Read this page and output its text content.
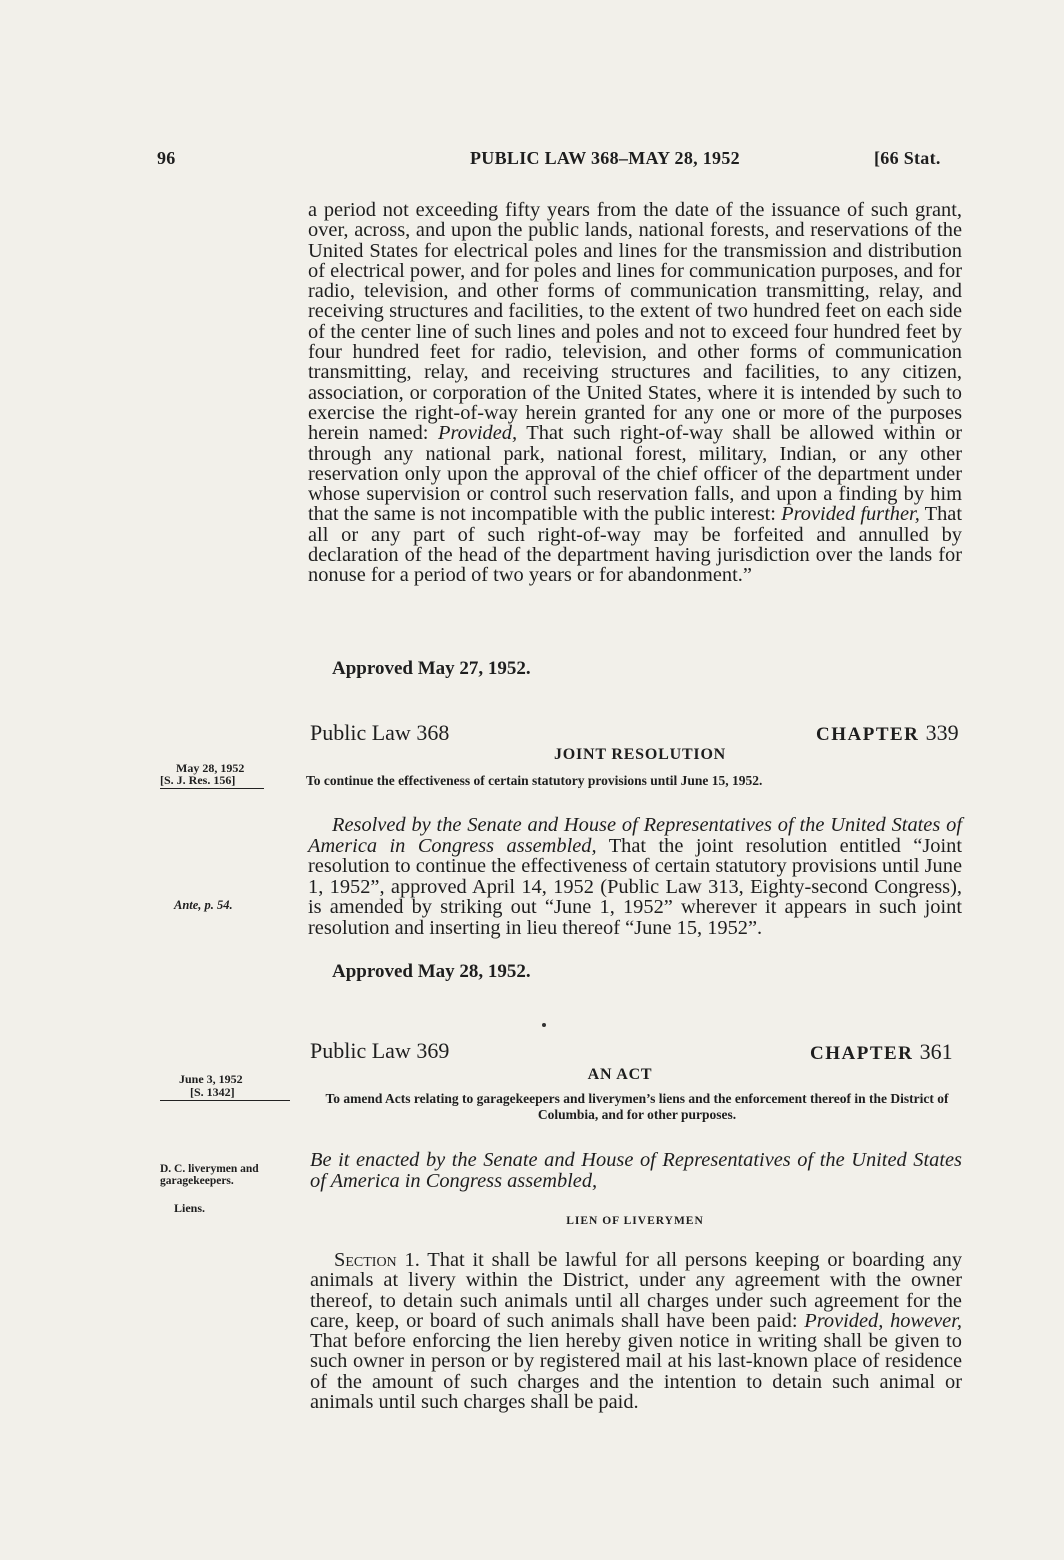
96	PUBLIC LAW 368–MAY 28, 1952	[66 Stat.

a period not exceeding fifty years from the date of the issuance of such grant, over, across, and upon the public lands, national forests, and reservations of the United States for electrical poles and lines for the transmission and distribution of electrical power, and for poles and lines for communication purposes, and for radio, television, and other forms of communication transmitting, relay, and receiving structures and facilities, to the extent of two hundred feet on each side of the center line of such lines and poles and not to exceed four hundred feet by four hundred feet for radio, television, and other forms of communication transmitting, relay, and receiving structures and facilities, to any citizen, association, or corporation of the United States, where it is intended by such to exercise the right-of-way herein granted for any one or more of the purposes herein named: Provided, That such right-of-way shall be allowed within or through any national park, national forest, military, Indian, or any other reservation only upon the approval of the chief officer of the department under whose supervision or control such reservation falls, and upon a finding by him that the same is not incompatible with the public interest: Provided further, That all or any part of such right-of-way may be forfeited and annulled by declaration of the head of the department having jurisdiction over the lands for nonuse for a period of two years or for abandonment.”

Approved May 27, 1952.
Public Law 368	CHAPTER 339
JOINT RESOLUTION
May 28, 1952
[S. J. Res. 156]	To continue the effectiveness of certain statutory provisions until June 15, 1952.
Resolved by the Senate and House of Representatives of the United States of America in Congress assembled, That the joint resolution entitled “Joint resolution to continue the effectiveness of certain statutory provisions until June 1, 1952”, approved April 14, 1952 (Public Law 313, Eighty-second Congress), is amended by striking out “June 1, 1952” wherever it appears in such joint resolution and inserting in lieu thereof “June 15, 1952”.
Ante, p. 54.
Approved May 28, 1952.
Public Law 369	CHAPTER 361
AN ACT
June 3, 1952
[S. 1342]	To amend Acts relating to garagekeepers and liverymen’s liens and the enforcement thereof in the District of Columbia, and for other purposes.
Be it enacted by the Senate and House of Representatives of the United States of America in Congress assembled,
D. C. liverymen and garagekeepers.
Liens.
LIEN OF LIVERYMEN

Section 1. That it shall be lawful for all persons keeping or boarding any animals at livery within the District, under any agreement with the owner thereof, to detain such animals until all charges under such agreement for the care, keep, or board of such animals shall have been paid: Provided, however, That before enforcing the lien hereby given notice in writing shall be given to such owner in person or by registered mail at his last-known place of residence of the amount of such charges and the intention to detain such animal or animals until such charges shall be paid.
